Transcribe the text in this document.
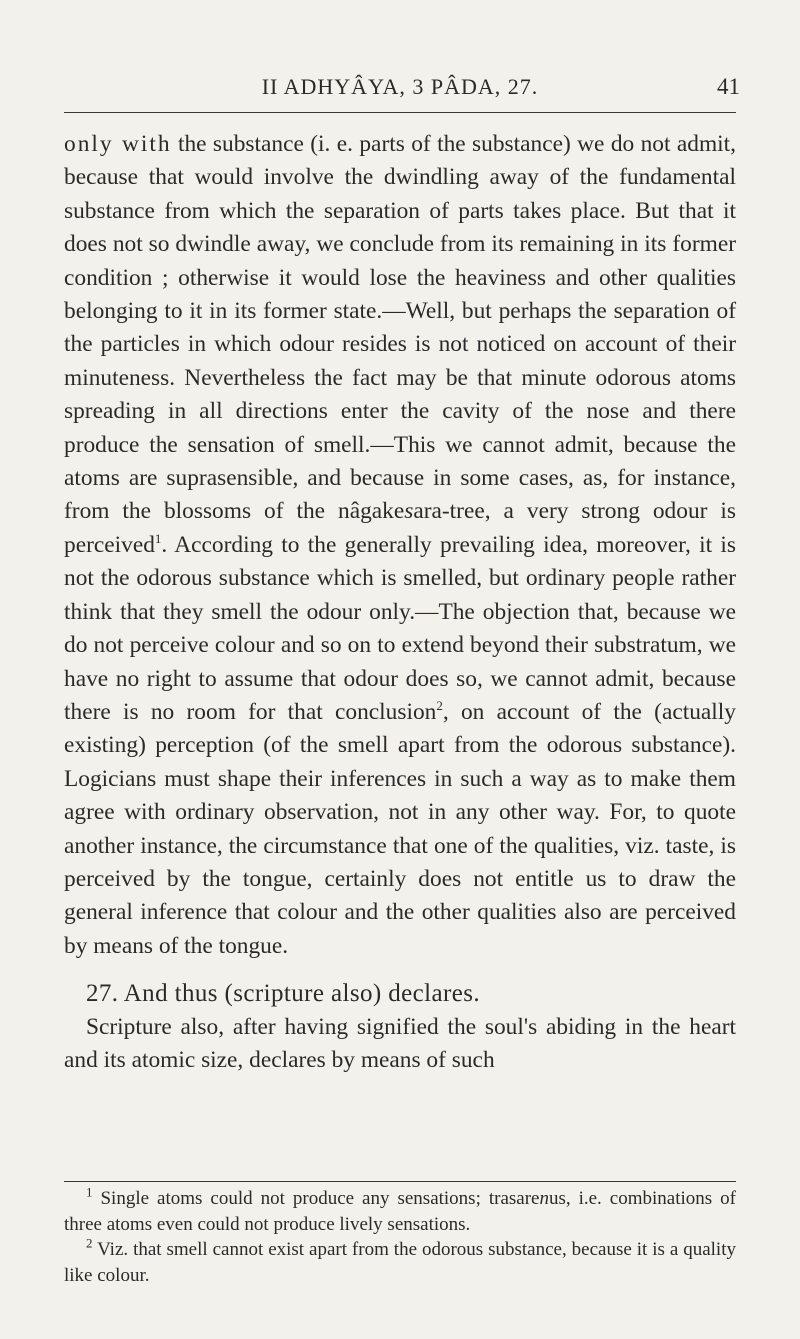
II ADHYÂYA, 3 PÂDA, 27.	41

only with the substance (i. e. parts of the substance) we do not admit, because that would involve the dwindling away of the fundamental substance from which the separation of parts takes place. But that it does not so dwindle away, we conclude from its remaining in its former condition ; otherwise it would lose the heaviness and other qualities belonging to it in its former state.—Well, but perhaps the separation of the particles in which odour resides is not noticed on account of their minuteness. Nevertheless the fact may be that minute odorous atoms spreading in all directions enter the cavity of the nose and there produce the sensation of smell.—This we cannot admit, because the atoms are suprasensible, and because in some cases, as, for instance, from the blossoms of the nâgakesara-tree, a very strong odour is perceived$^1$. According to the generally prevailing idea, moreover, it is not the odorous substance which is smelled, but ordinary people rather think that they smell the odour only.—The objection that, because we do not perceive colour and so on to extend beyond their substratum, we have no right to assume that odour does so, we cannot admit, because there is no room for that conclusion$^2$, on account of the (actually existing) perception (of the smell apart from the odorous substance). Logicians must shape their inferences in such a way as to make them agree with ordinary observation, not in any other way. For, to quote another instance, the circumstance that one of the qualities, viz. taste, is perceived by the tongue, certainly does not entitle us to draw the general inference that colour and the other qualities also are perceived by means of the tongue.

27. And thus (scripture also) declares.

Scripture also, after having signified the soul's abiding in the heart and its atomic size, declares by means of such

$^1$ Single atoms could not produce any sensations; trasarenus, i.e. combinations of three atoms even could not produce lively sensations.

$^2$ Viz. that smell cannot exist apart from the odorous substance, because it is a quality like colour.
